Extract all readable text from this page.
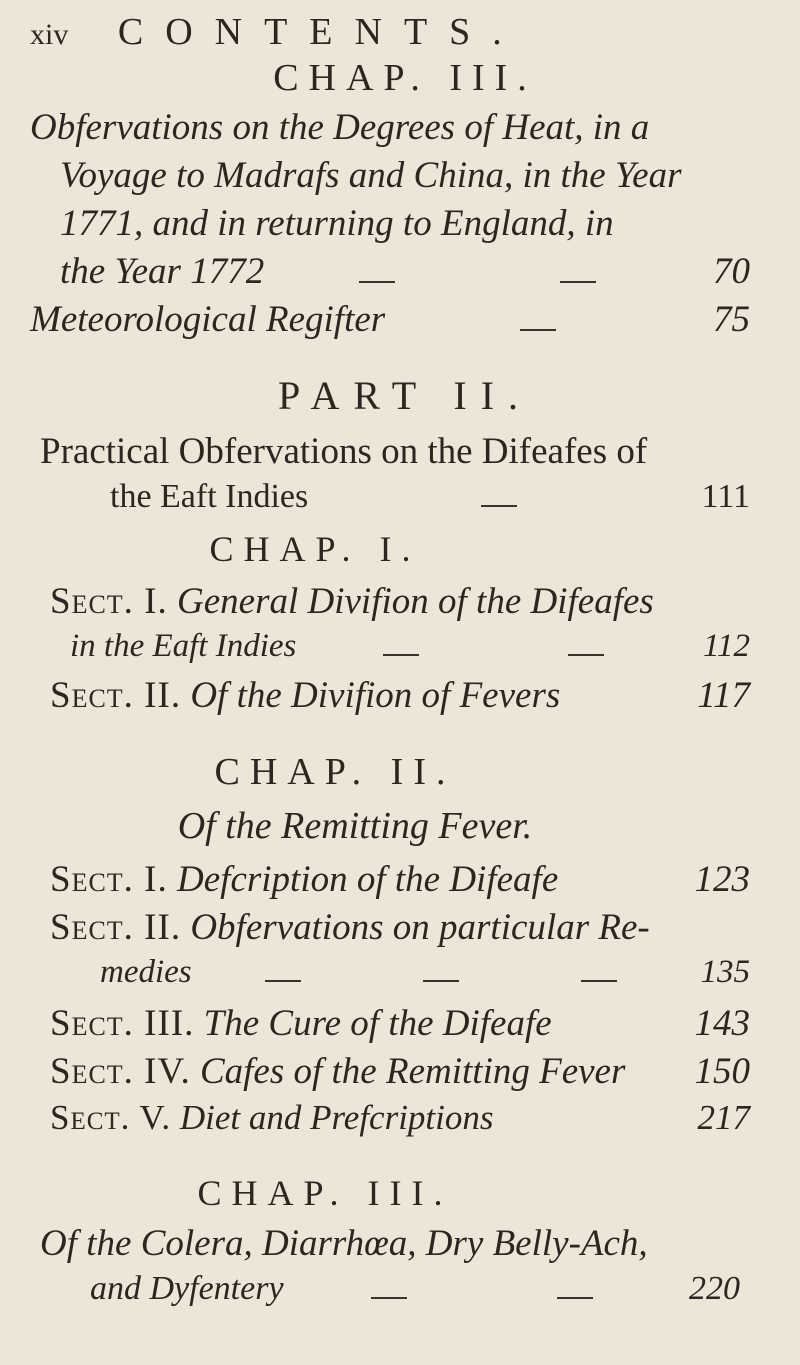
xiv CONTENTS.
CHAP. III.
Obfervations on the Degrees of Heat, in a
Voyage to Madrafs and China, in the Year
1771, and in returning to England, in
the Year 1772	70
Meteorological Regifter	75
PART II.
Practical Obfervations on the Difeafes of
the Eaft Indies	111
CHAP. I.
Sect. I. General Divifion of the Difeafes
in the Eaft Indies	112
Sect. II. Of the Divifion of Fevers	117
CHAP. II.
Of the Remitting Fever.
Sect. I. Defcription of the Difeafe	123
Sect. II. Obfervations on particular Re-
medies	135
Sect. III. The Cure of the Difeafe	143
Sect. IV. Cafes of the Remitting Fever 150
Sect. V. Diet and Prefcriptions	217
CHAP. III.
Of the Colera, Diarrhœa, Dry Belly-Ach,
and Dyfentery	220
